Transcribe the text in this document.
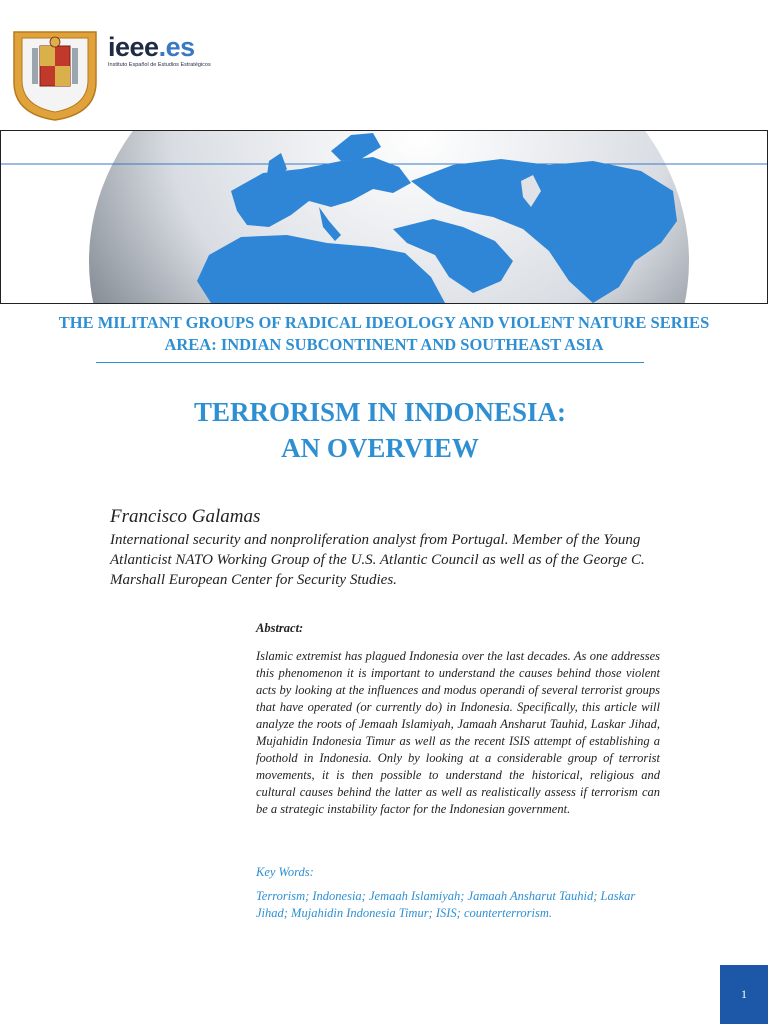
ieee.es
Instituto Español de Estudios Estratégicos
THE MILITANT GROUPS OF RADICAL IDEOLOGY AND VIOLENT NATURE SERIES
AREA: INDIAN SUBCONTINENT AND SOUTHEAST ASIA
TERRORISM IN INDONESIA:
AN OVERVIEW
Francisco Galamas
International security and nonproliferation analyst from Portugal. Member of the Young Atlanticist NATO Working Group of the U.S. Atlantic Council as well as of the George C. Marshall European Center for Security Studies.
Abstract:
Islamic extremist has plagued Indonesia over the last decades. As one addresses this phenomenon it is important to understand the causes behind those violent acts by looking at the influences and modus operandi of several terrorist groups that have operated (or currently do) in Indonesia. Specifically, this article will analyze the roots of Jemaah Islamiyah, Jamaah Ansharut Tauhid, Laskar Jihad, Mujahidin Indonesia Timur as well as the recent ISIS attempt of establishing a foothold in Indonesia. Only by looking at a considerable group of terrorist movements, it is then possible to understand the historical, religious and cultural causes behind the latter as well as realistically assess if terrorism can be a strategic instability factor for the Indonesian government.
Key Words:
Terrorism; Indonesia; Jemaah Islamiyah; Jamaah Ansharut Tauhid; Laskar Jihad; Mujahidin Indonesia Timur; ISIS; counterterrorism.
1
